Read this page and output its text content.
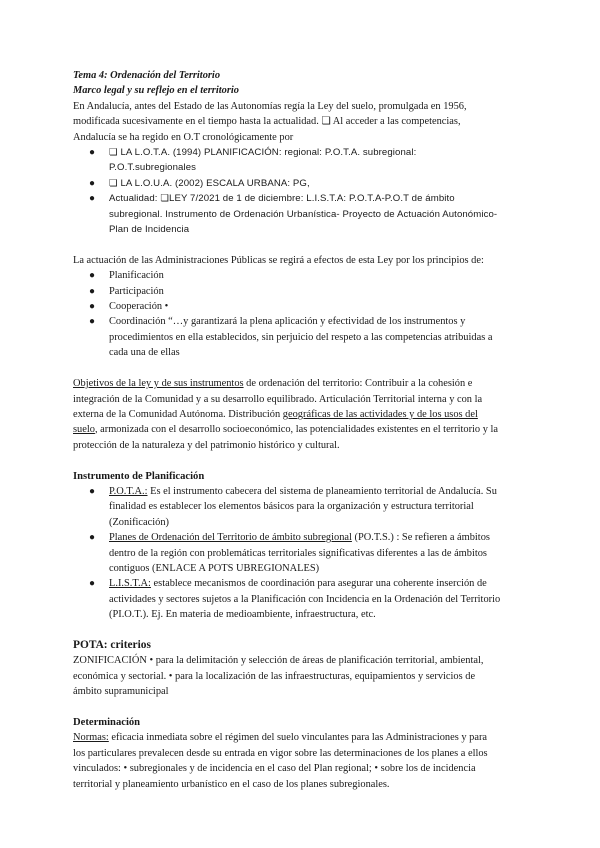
Tema 4: Ordenación del Territorio
Marco legal y su reflejo en el territorio
En Andalucía, antes del Estado de las Autonomías regía la Ley del suelo, promulgada en 1956,
modificada sucesivamente en el tiempo hasta la actualidad. ❏ Al acceder a las competencias,
Andalucía se ha regido en O.T cronológicamente por
● ❏ LA L.O.T.A. (1994) PLANIFICACIÓN: regional: P.O.T.A. subregional:
P.O.T.subregionales
● ❏ LA L.O.U.A. (2002) ESCALA URBANA: PG,
● Actualidad: ❏LEY 7/2021 de 1 de diciembre: L.I.S.T.A: P.O.T.A-P.O.T de ámbito
subregional. Instrumento de Ordenación Urbanística- Proyecto de Actuación Autonómico-
Plan de Incidencia
La actuación de las Administraciones Públicas se regirá a efectos de esta Ley por los principios de:
● Planificación
● Participación
● Cooperación •
● Coordinación “…y garantizará la plena aplicación y efectividad de los instrumentos y
procedimientos en ella establecidos, sin perjuicio del respeto a las competencias atribuidas a
cada una de ellas
Objetivos de la ley y de sus instrumentos de ordenación del territorio: Contribuir a la cohesión e
integración de la Comunidad y a su desarrollo equilibrado. Articulación Territorial interna y con la
externa de la Comunidad Autónoma. Distribución geográficas de las actividades y de los usos del
suelo, armonizada con el desarrollo socioeconómico, las potencialidades existentes en el territorio y la
protección de la naturaleza y del patrimonio histórico y cultural.
Instrumento de Planificación
● P.O.T.A.: Es el instrumento cabecera del sistema de planeamiento territorial de Andalucía. Su
finalidad es establecer los elementos básicos para la organización y estructura territorial
(Zonificación)
● Planes de Ordenación del Territorio de ámbito subregional (PO.T.S.) : Se refieren a ámbitos
dentro de la región con problemáticas territoriales significativas diferentes a las de ámbitos
contiguos (ENLACE A POTS UBREGIONALES)
● L.I.S.T.A: establece mecanismos de coordinación para asegurar una coherente inserción de
actividades y sectores sujetos a la Planificación con Incidencia en la Ordenación del Territorio
(PI.O.T.). Ej. En materia de medioambiente, infraestructura, etc.
POTA: criterios
ZONIFICACIÓN • para la delimitación y selección de áreas de planificación territorial, ambiental,
económica y sectorial. • para la localización de las infraestructuras, equipamientos y servicios de
ámbito supramunicipal
Determinación
Normas: eficacia inmediata sobre el régimen del suelo vinculantes para las Administraciones y para
los particulares prevalecen desde su entrada en vigor sobre las determinaciones de los planes a ellos
vinculados: • subregionales y de incidencia en el caso del Plan regional; • sobre los de incidencia
territorial y planeamiento urbanístico en el caso de los planes subregionales.
